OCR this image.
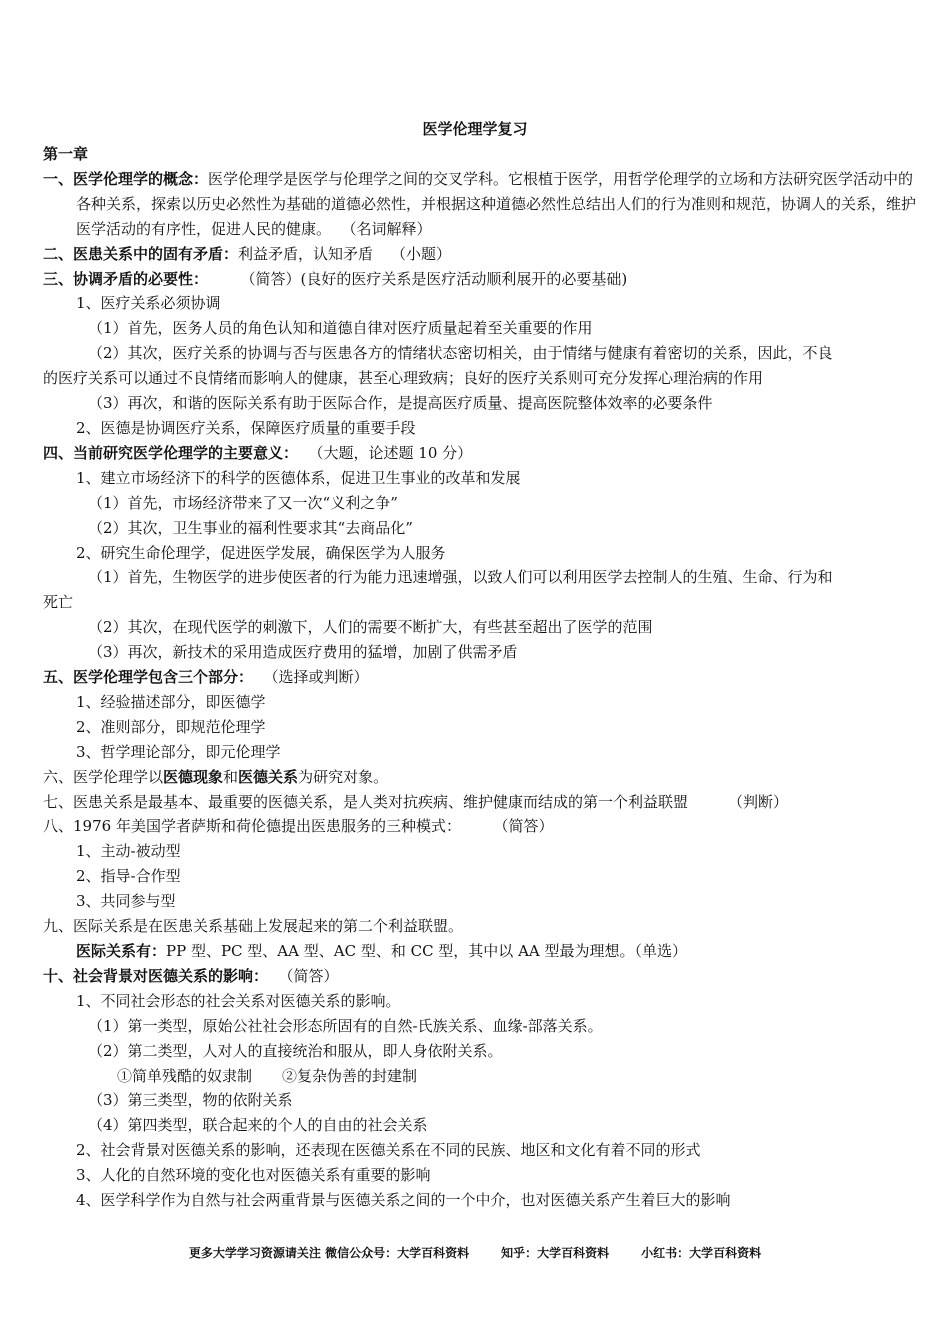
医学伦理学复习
第一章
一、医学伦理学的概念：医学伦理学是医学与伦理学之间的交叉学科。它根植于医学，用哲学伦理学的立场和方法研究医学活动中的各种关系，探索以历史必然性为基础的道德必然性，并根据这种道德必然性总结出人们的行为准则和规范，协调人的关系，维护医学活动的有序性，促进人民的健康。 （名词解释）
二、医患关系中的固有矛盾：利益矛盾，认知矛盾 （小题）
三、协调矛盾的必要性：	（简答）(良好的医疗关系是医疗活动顺利展开的必要基础)
1、医疗关系必须协调
（1）首先，医务人员的角色认知和道德自律对医疗质量起着至关重要的作用
（2）其次，医疗关系的协调与否与医患各方的情绪状态密切相关，由于情绪与健康有着密切的关系，因此，不良
的医疗关系可以通过不良情绪而影响人的健康，甚至心理致病；良好的医疗关系则可充分发挥心理治病的作用
（3）再次，和谐的医际关系有助于医际合作，是提高医疗质量、提高医院整体效率的必要条件
2、医德是协调医疗关系，保障医疗质量的重要手段
四、当前研究医学伦理学的主要意义： （大题，论述题 10 分）
1、建立市场经济下的科学的医德体系，促进卫生事业的改革和发展
（1）首先，市场经济带来了又一次“义利之争”
（2）其次，卫生事业的福利性要求其“去商品化”
2、研究生命伦理学，促进医学发展，确保医学为人服务
（1）首先，生物医学的进步使医者的行为能力迅速增强，以致人们可以利用医学去控制人的生殖、生命、行为和
死亡
（2）其次，在现代医学的刺激下，人们的需要不断扩大，有些甚至超出了医学的范围
（3）再次，新技术的采用造成医疗费用的猛增，加剧了供需矛盾
五、医学伦理学包含三个部分： （选择或判断）
1、经验描述部分，即医德学
2、准则部分，即规范伦理学
3、哲学理论部分，即元伦理学
六、医学伦理学以医德现象和医德关系为研究对象。
七、医患关系是最基本、最重要的医德关系，是人类对抗疾病、维护健康而结成的第一个利益联盟	（判断）
八、1976 年美国学者萨斯和荷伦德提出医患服务的三种模式：	（简答）
1、主动-被动型
2、指导-合作型
3、共同参与型
九、医际关系是在医患关系基础上发展起来的第二个利益联盟。
医际关系有：PP 型、PC 型、AA 型、AC 型、和 CC 型，其中以 AA 型最为理想。（单选）
十、社会背景对医德关系的影响： （简答）
1、不同社会形态的社会关系对医德关系的影响。
（1）第一类型，原始公社社会形态所固有的自然-氏族关系、血缘-部落关系。
（2）第二类型，人对人的直接统治和服从，即人身依附关系。
①简单残酷的奴隶制　　②复杂伪善的封建制
（3）第三类型，物的依附关系
（4）第四类型，联合起来的个人的自由的社会关系
2、社会背景对医德关系的影响，还表现在医德关系在不同的民族、地区和文化有着不同的形式
3、人化的自然环境的变化也对医德关系有重要的影响
4、医学科学作为自然与社会两重背景与医德关系之间的一个中介，也对医德关系产生着巨大的影响
更多大学学习资源请关注 微信公众号：大学百科资料	知乎：大学百科资料	小红书：大学百科资料
